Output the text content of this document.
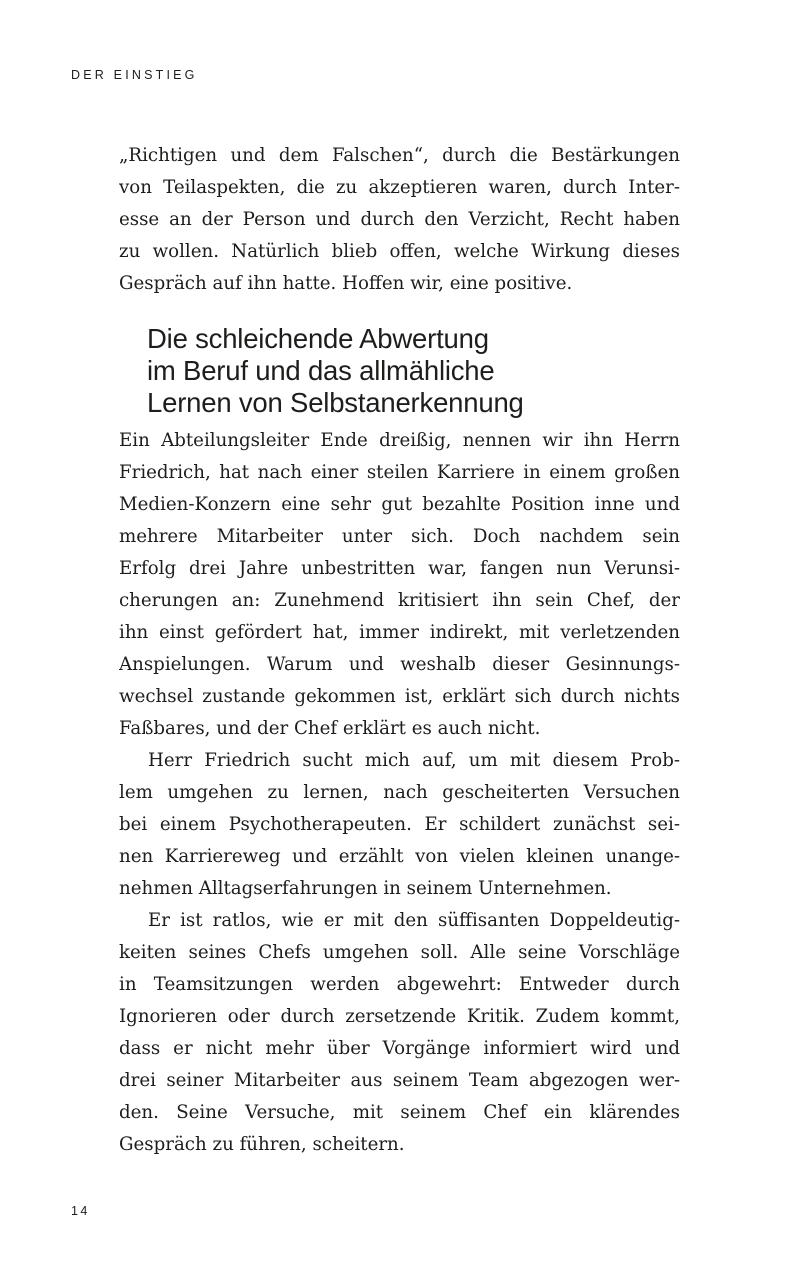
DER EINSTIEG
„Richtigen und dem Falschen“, durch die Bestärkungen
von Teilaspekten, die zu akzeptieren waren, durch Inter-
esse an der Person und durch den Verzicht, Recht haben
zu wollen. Natürlich blieb offen, welche Wirkung dieses
Gespräch auf ihn hatte. Hoffen wir, eine positive.
Die schleichende Abwertung
im Beruf und das allmähliche
Lernen von Selbstanerkennung
Ein Abteilungsleiter Ende dreißig, nennen wir ihn Herrn
Friedrich, hat nach einer steilen Karriere in einem großen
Medien-Konzern eine sehr gut bezahlte Position inne und
mehrere Mitarbeiter unter sich. Doch nachdem sein
Erfolg drei Jahre unbestritten war, fangen nun Verunsi-
cherungen an: Zunehmend kritisiert ihn sein Chef, der
ihn einst gefördert hat, immer indirekt, mit verletzenden
Anspielungen. Warum und weshalb dieser Gesinnungs-
wechsel zustande gekommen ist, erklärt sich durch nichts
Faßbares, und der Chef erklärt es auch nicht.
Herr Friedrich sucht mich auf, um mit diesem Prob-
lem umgehen zu lernen, nach gescheiterten Versuchen
bei einem Psychotherapeuten. Er schildert zunächst sei-
nen Karriereweg und erzählt von vielen kleinen unange-
nehmen Alltagserfahrungen in seinem Unternehmen.
Er ist ratlos, wie er mit den süffisanten Doppeldeutig-
keiten seines Chefs umgehen soll. Alle seine Vorschläge
in Teamsitzungen werden abgewehrt: Entweder durch
Ignorieren oder durch zersetzende Kritik. Zudem kommt,
dass er nicht mehr über Vorgänge informiert wird und
drei seiner Mitarbeiter aus seinem Team abgezogen wer-
den. Seine Versuche, mit seinem Chef ein klärendes
Gespräch zu führen, scheitern.
14
